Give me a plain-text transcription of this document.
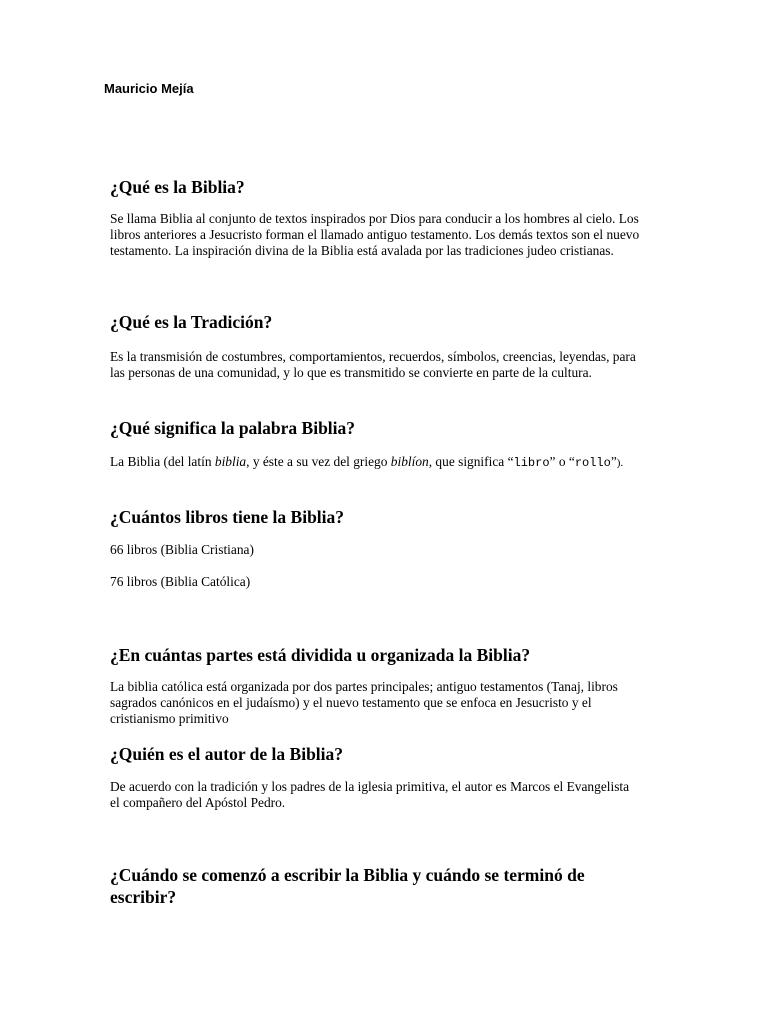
Mauricio Mejía

¿Qué es la Biblia?

Se llama Biblia al conjunto de textos inspirados por Dios para conducir a los hombres al cielo. Los libros anteriores a Jesucristo forman el llamado antiguo testamento. Los demás textos son el nuevo testamento. La inspiración divina de la Biblia está avalada por las tradiciones judeo cristianas.

¿Qué es la Tradición?

Es la transmisión de costumbres, comportamientos, recuerdos, símbolos, creencias, leyendas, para las personas de una comunidad, y lo que es transmitido se convierte en parte de la cultura.

¿Qué significa la palabra Biblia?

La Biblia (del latín biblia, y éste a su vez del griego biblíon, que significa “libro” o “rollo”).

¿Cuántos libros tiene la Biblia?

66 libros (Biblia Cristiana)

76 libros (Biblia Católica)

¿En cuántas partes está dividida u organizada la Biblia?

La biblia católica está organizada por dos partes principales; antiguo testamentos (Tanaj, libros sagrados canónicos en el judaísmo) y el nuevo testamento que se enfoca en Jesucristo y el cristianismo primitivo

¿Quién es el autor de la Biblia?

De acuerdo con la tradición y los padres de la iglesia primitiva, el autor es Marcos el Evangelista el compañero del Apóstol Pedro.

¿Cuándo se comenzó a escribir la Biblia y cuándo se terminó de escribir?
